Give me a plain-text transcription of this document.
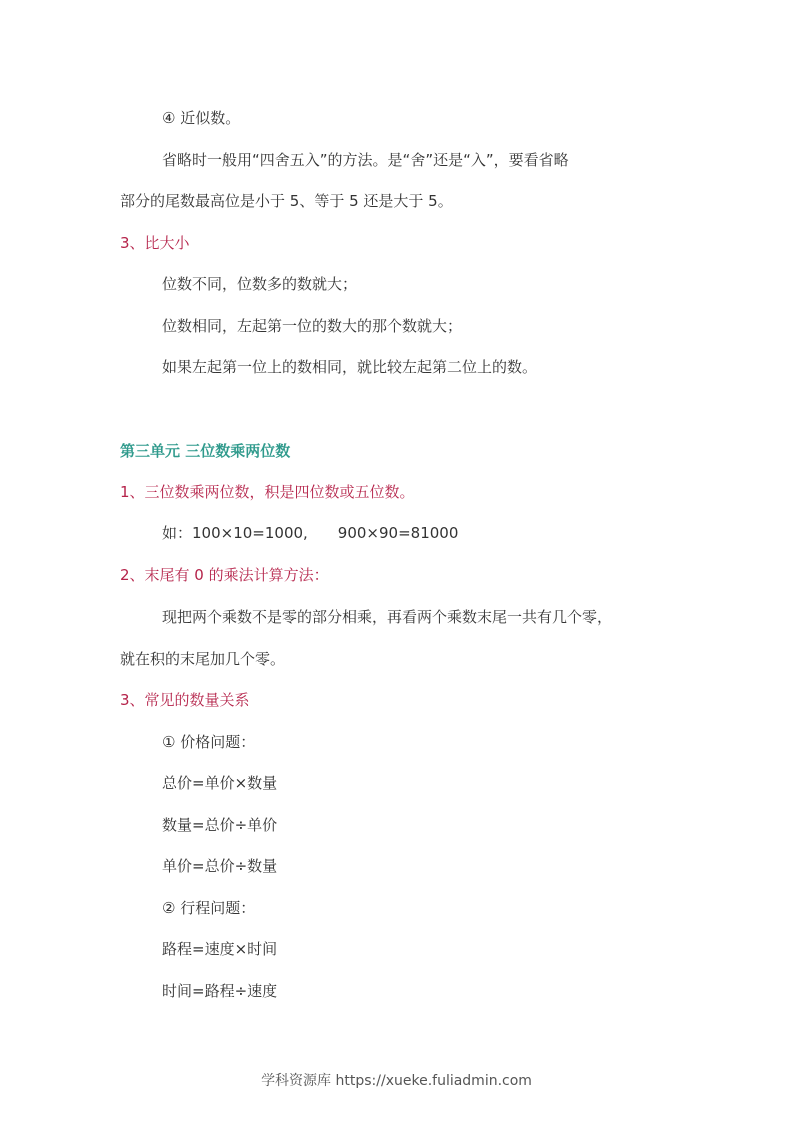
④ 近似数。
省略时一般用“四舍五入”的方法。是“舍”还是“入”，要看省略
部分的尾数最高位是小于 5、等于 5 还是大于 5。
3、比大小
位数不同，位数多的数就大；
位数相同，左起第一位的数大的那个数就大；
如果左起第一位上的数相同，就比较左起第二位上的数。
第三单元 三位数乘两位数
1、三位数乘两位数，积是四位数或五位数。
如：100×10=1000, 900×90=81000
2、末尾有 0 的乘法计算方法：
现把两个乘数不是零的部分相乘，再看两个乘数末尾一共有几个零，
就在积的末尾加几个零。
3、常见的数量关系
① 价格问题：
总价=单价×数量
数量=总价÷单价
单价=总价÷数量
② 行程问题：
路程=速度×时间
时间=路程÷速度
学科资源库 https://xueke.fuliadmin.com
